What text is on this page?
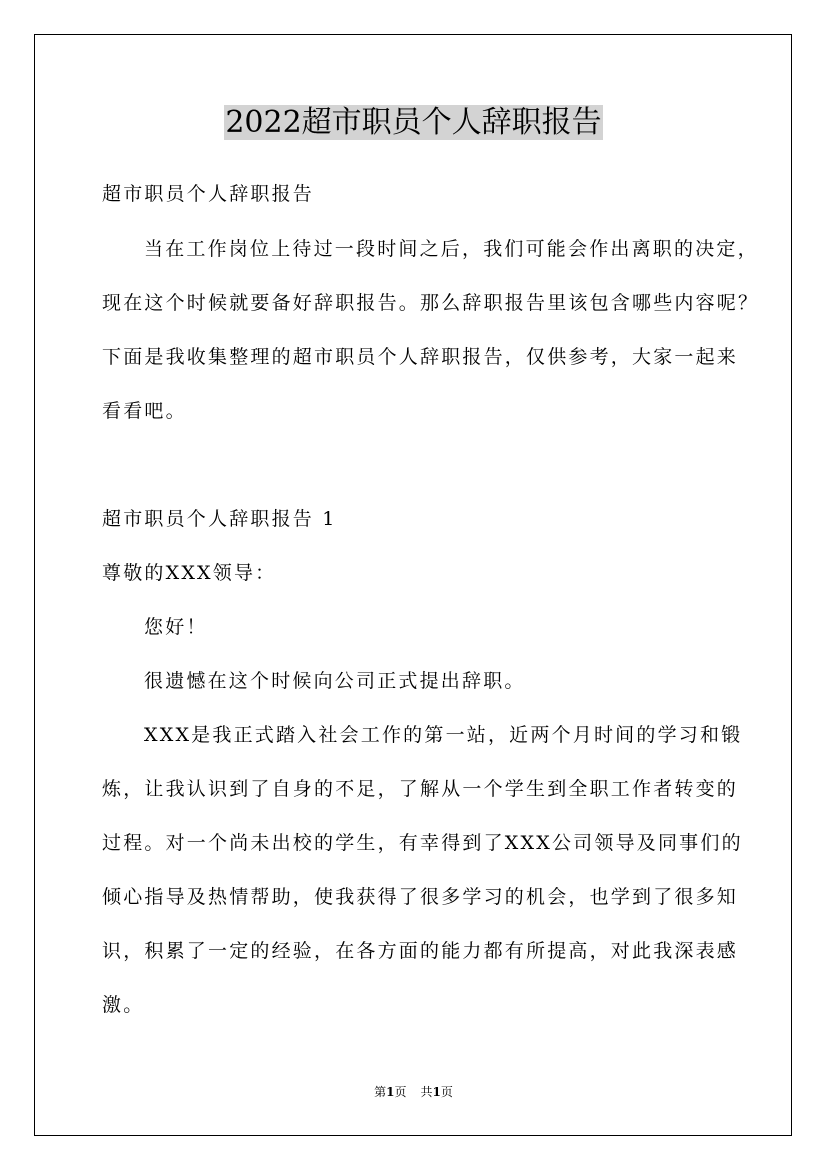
2022超市职员个人辞职报告
超市职员个人辞职报告
当在工作岗位上待过一段时间之后，我们可能会作出离职的决定，
现在这个时候就要备好辞职报告。那么辞职报告里该包含哪些内容呢？
下面是我收集整理的超市职员个人辞职报告，仅供参考，大家一起来
看看吧。
超市职员个人辞职报告 1
尊敬的XXX领导：
您好！
很遗憾在这个时候向公司正式提出辞职。
XXX是我正式踏入社会工作的第一站，近两个月时间的学习和锻
炼，让我认识到了自身的不足，了解从一个学生到全职工作者转变的
过程。对一个尚未出校的学生，有幸得到了XXX公司领导及同事们的
倾心指导及热情帮助，使我获得了很多学习的机会，也学到了很多知
识，积累了一定的经验，在各方面的能力都有所提高，对此我深表感
激。
第1页 共1页
